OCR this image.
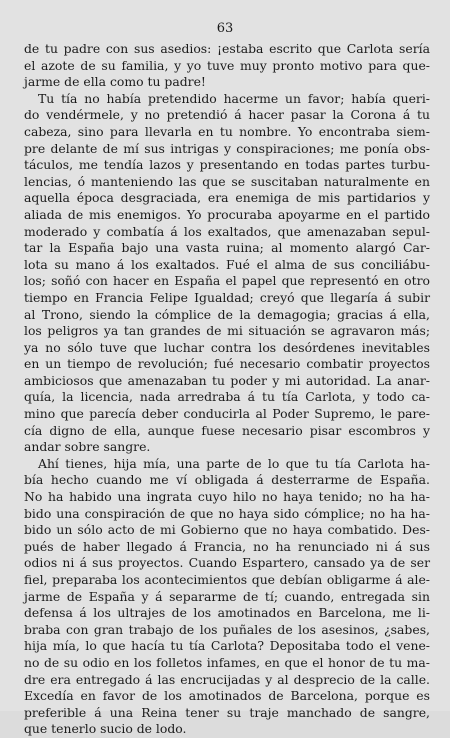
63
de tu padre con sus asedios: ¡estaba escrito que Carlota sería
el azote de su familia, y yo tuve muy pronto motivo para que-
jarme de ella como tu padre!
Tu tía no había pretendido hacerme un favor; había queri-
do vendérmele, y no pretendió á hacer pasar la Corona á tu
cabeza, sino para llevarla en tu nombre. Yo encontraba siem-
pre delante de mí sus intrigas y conspiraciones; me ponía obs-
táculos, me tendía lazos y presentando en todas partes turbu-
lencias, ó manteniendo las que se suscitaban naturalmente en
aquella época desgraciada, era enemiga de mis partidarios y
aliada de mis enemigos. Yo procuraba apoyarme en el partido
moderado y combatía á los exaltados, que amenazaban sepul-
tar la España bajo una vasta ruina; al momento alargó Car-
lota su mano á los exaltados. Fué el alma de sus conciliábu-
los; soñó con hacer en España el papel que representó en otro
tiempo en Francia Felipe Igualdad; creyó que llegaría á subir
al Trono, siendo la cómplice de la demagogia; gracias á ella,
los peligros ya tan grandes de mi situación se agravaron más;
ya no sólo tuve que luchar contra los desórdenes inevitables
en un tiempo de revolución; fué necesario combatir proyectos
ambiciosos que amenazaban tu poder y mi autoridad. La anar-
quía, la licencia, nada arredraba á tu tía Carlota, y todo ca-
mino que parecía deber conducirla al Poder Supremo, le pare-
cía digno de ella, aunque fuese necesario pisar escombros y
andar sobre sangre.
Ahí tienes, hija mía, una parte de lo que tu tía Carlota ha-
bía hecho cuando me ví obligada á desterrarme de España.
No ha habido una ingrata cuyo hilo no haya tenido; no ha ha-
bido una conspiración de que no haya sido cómplice; no ha ha-
bido un sólo acto de mi Gobierno que no haya combatido. Des-
pués de haber llegado á Francia, no ha renunciado ni á sus
odios ni á sus proyectos. Cuando Espartero, cansado ya de ser
fiel, preparaba los acontecimientos que debían obligarme á ale-
jarme de España y á separarme de tí; cuando, entregada sin
defensa á los ultrajes de los amotinados en Barcelona, me li-
braba con gran trabajo de los puñales de los asesinos, ¿sabes,
hija mía, lo que hacía tu tía Carlota? Depositaba todo el vene-
no de su odio en los folletos infames, en que el honor de tu ma-
dre era entregado á las encrucijadas y al desprecio de la calle.
Excedía en favor de los amotinados de Barcelona, porque es
preferible á una Reina tener su traje manchado de sangre,
que tenerlo sucio de lodo.
